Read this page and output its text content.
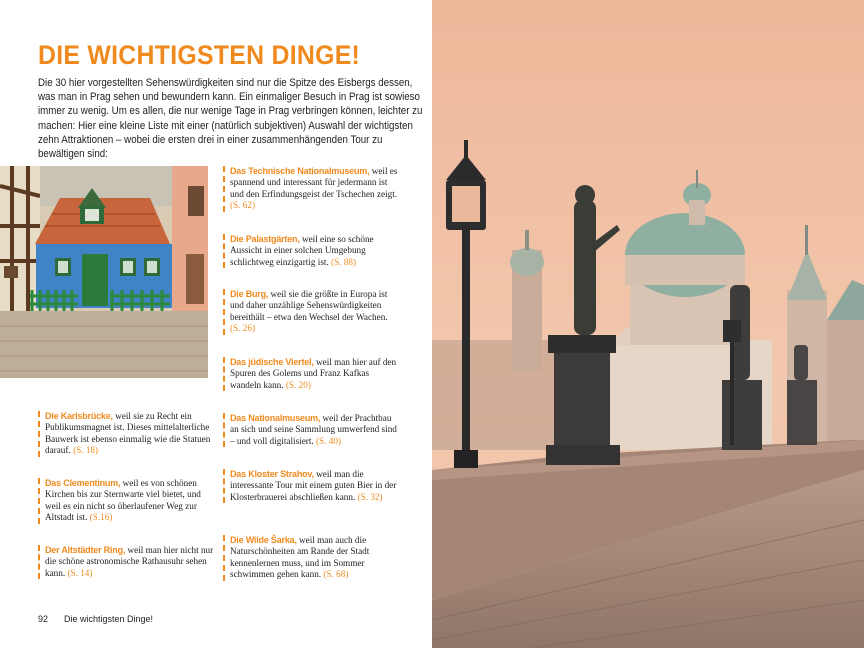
DIE WICHTIGSTEN DINGE!

Die 30 hier vorgestellten Sehenswürdigkeiten sind nur die Spitze des Eisbergs dessen, was man in Prag sehen und bewundern kann. Ein einmaliger Besuch in Prag ist sowieso immer zu wenig. Um es allen, die nur wenige Tage in Prag verbringen können, leichter zu machen: Hier eine kleine Liste mit einer (natürlich subjektiven) Auswahl der wichtigsten zehn Attraktionen – wobei die ersten drei in einer zusammenhängenden Tour zu bewältigen sind:

Das Technische Nationalmuseum, weil es spannend und interessant für jedermann ist und den Erfindungsgeist der Tschechen zeigt. (S. 62)
Die Palastgärten, weil eine so schöne Aussicht in einer solchen Umgebung schlichtweg einzigartig ist. (S. 88)
Die Burg, weil sie die größte in Europa ist und daher unzählige Sehenswürdigkeiten bereithält – etwa den Wechsel der Wachen. (S. 26)
Das jüdische Viertel, weil man hier auf den Spuren des Golems und Franz Kafkas wandeln kann. (S. 20)
Das Nationalmuseum, weil der Prachtbau an sich und seine Sammlung umwerfend sind – und voll digitalisiert. (S. 40)
Das Kloster Strahov, weil man die interessante Tour mit einem guten Bier in der Klosterbrauerei abschließen kann. (S. 32)
Die Wilde Šarka, weil man auch die Naturschönheiten am Rande der Stadt kennenlernen muss, und im Sommer schwimmen gehen kann. (S. 68)
Die Karlsbrücke, weil sie zu Recht ein Publikumsmagnet ist. Dieses mittelalterliche Bauwerk ist ebenso einmalig wie die Statuen darauf. (S. 18)
Das Clementinum, weil es von schönen Kirchen bis zur Sternwarte viel bietet, und weil es ein nicht so überlaufener Weg zur Altstadt ist. (S.16)
Der Altstädter Ring, weil man hier nicht nur die schöne astronomische Rathausuhr sehen kann. (S. 14)
92 Die wichtigsten Dinge!
